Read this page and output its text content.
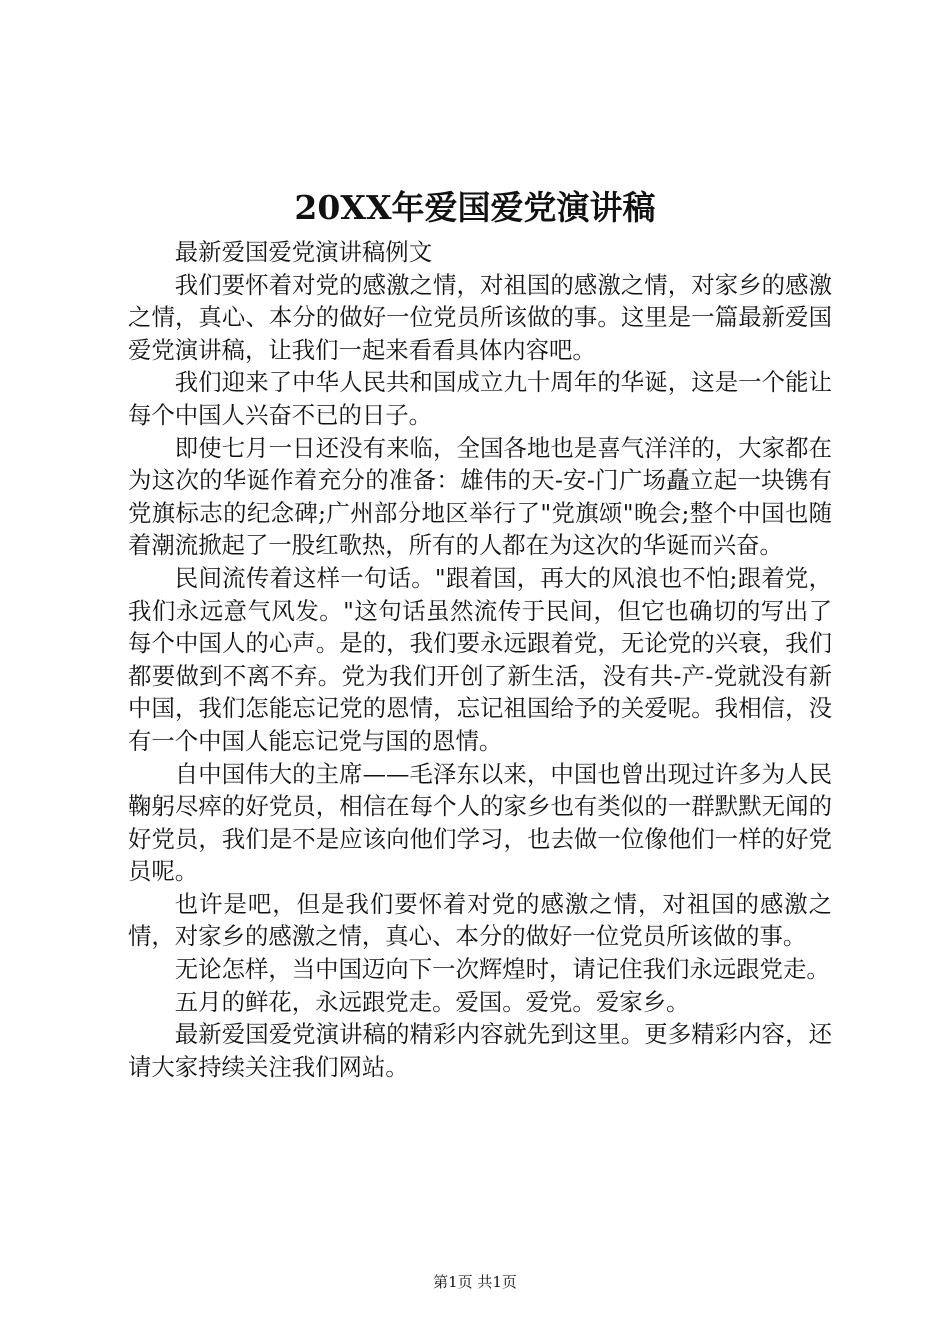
20XX年爱国爱党演讲稿

最新爱国爱党演讲稿例文

我们要怀着对党的感激之情，对祖国的感激之情，对家乡的感激之情，真心、本分的做好一位党员所该做的事。这里是一篇最新爱国爱党演讲稿，让我们一起来看看具体内容吧。

我们迎来了中华人民共和国成立九十周年的华诞，这是一个能让每个中国人兴奋不已的日子。

即使七月一日还没有来临，全国各地也是喜气洋洋的，大家都在为这次的华诞作着充分的准备：雄伟的天-安-门广场矗立起一块镌有党旗标志的纪念碑;广州部分地区举行了"党旗颂"晚会;整个中国也随着潮流掀起了一股红歌热，所有的人都在为这次的华诞而兴奋。

民间流传着这样一句话。"跟着国，再大的风浪也不怕;跟着党，我们永远意气风发。"这句话虽然流传于民间，但它也确切的写出了每个中国人的心声。是的，我们要永远跟着党，无论党的兴衰，我们都要做到不离不弃。党为我们开创了新生活，没有共-产-党就没有新中国，我们怎能忘记党的恩情，忘记祖国给予的关爱呢。我相信，没有一个中国人能忘记党与国的恩情。

自中国伟大的主席——毛泽东以来，中国也曾出现过许多为人民鞠躬尽瘁的好党员，相信在每个人的家乡也有类似的一群默默无闻的好党员，我们是不是应该向他们学习，也去做一位像他们一样的好党员呢。

也许是吧，但是我们要怀着对党的感激之情，对祖国的感激之情，对家乡的感激之情，真心、本分的做好一位党员所该做的事。

无论怎样，当中国迈向下一次辉煌时，请记住我们永远跟党走。

五月的鲜花，永远跟党走。爱国。爱党。爱家乡。

最新爱国爱党演讲稿的精彩内容就先到这里。更多精彩内容，还请大家持续关注我们网站。

第1页 共1页
